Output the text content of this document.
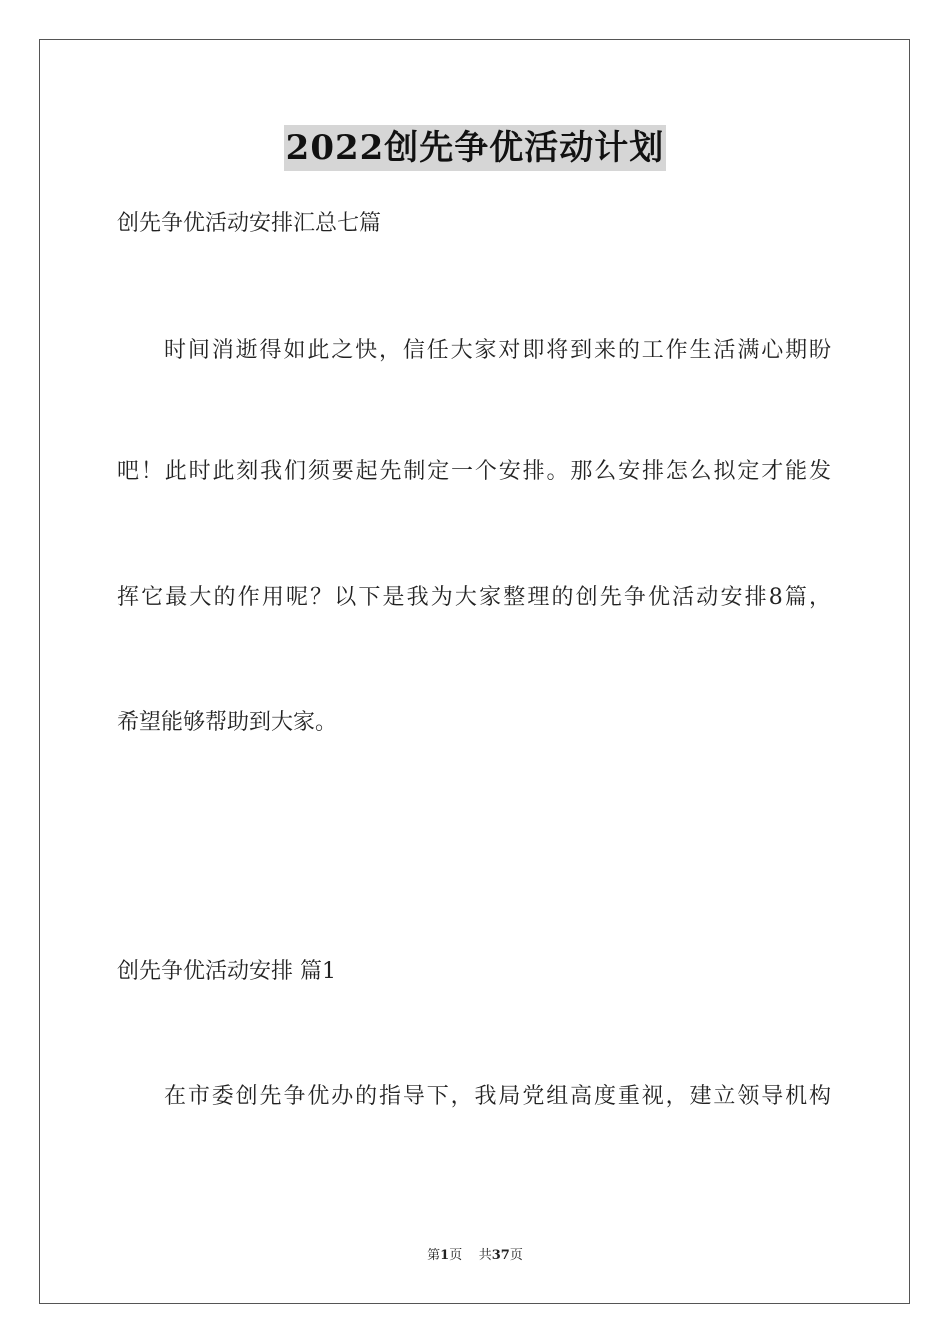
2022创先争优活动计划
创先争优活动安排汇总七篇
时间消逝得如此之快，信任大家对即将到来的工作生活满心期盼
吧！此时此刻我们须要起先制定一个安排。那么安排怎么拟定才能发
挥它最大的作用呢？以下是我为大家整理的创先争优活动安排8篇，
希望能够帮助到大家。
创先争优活动安排 篇1
在市委创先争优办的指导下，我局党组高度重视，建立领导机构
第1页 共37页
